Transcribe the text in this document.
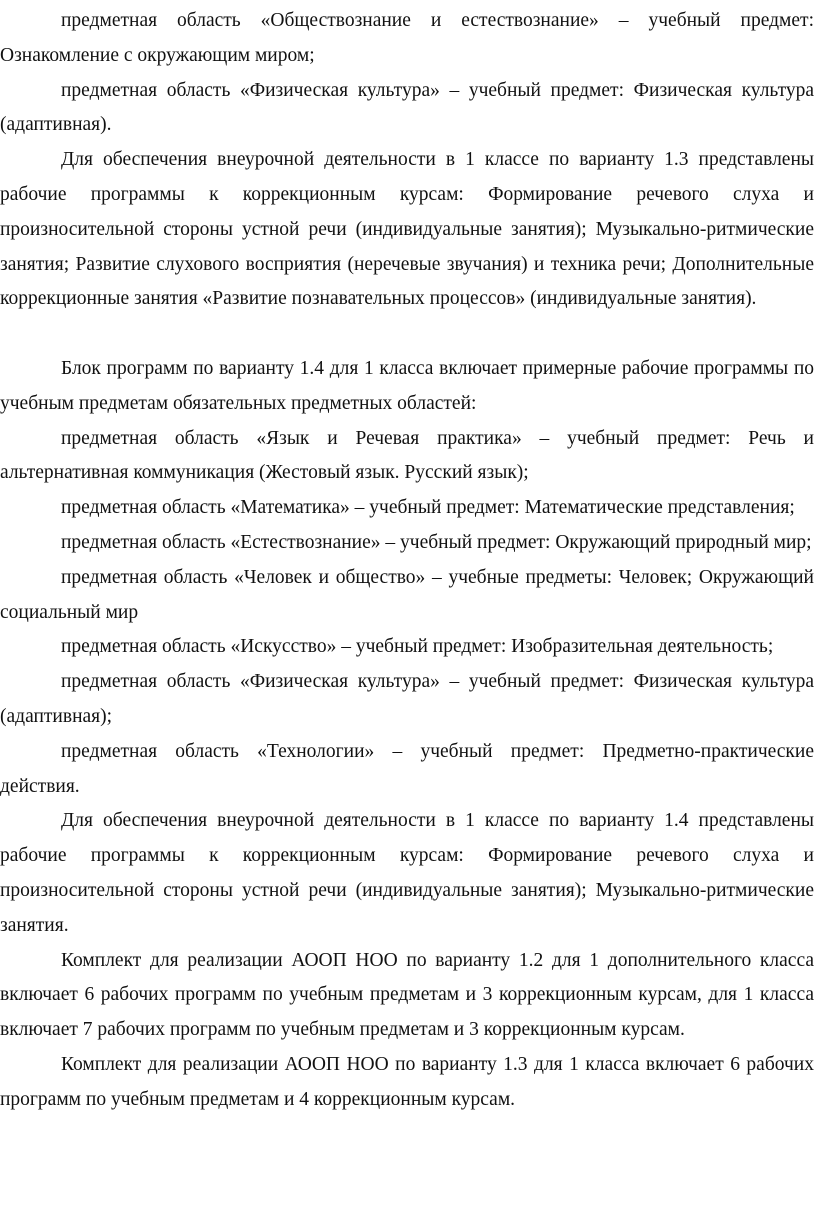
предметная область «Обществознание и естествознание» – учебный предмет: Ознакомление с окружающим миром;

предметная область «Физическая культура» – учебный предмет: Физическая культура (адаптивная).

Для обеспечения внеурочной деятельности в 1 классе по варианту 1.3 представлены рабочие программы к коррекционным курсам: Формирование речевого слуха и произносительной стороны устной речи (индивидуальные занятия); Музыкально-ритмические занятия; Развитие слухового восприятия (неречевые звучания) и техника речи; Дополнительные коррекционные занятия «Развитие познавательных процессов» (индивидуальные занятия).

Блок программ по варианту 1.4 для 1 класса включает примерные рабочие программы по учебным предметам обязательных предметных областей:

предметная область «Язык и Речевая практика» – учебный предмет: Речь и альтернативная коммуникация (Жестовый язык. Русский язык);

предметная область «Математика» – учебный предмет: Математические представления;

предметная область «Естествознание» – учебный предмет: Окружающий природный мир;

предметная область «Человек и общество» – учебные предметы: Человек; Окружающий социальный мир

предметная область «Искусство» – учебный предмет: Изобразительная деятельность;

предметная область «Физическая культура» – учебный предмет: Физическая культура (адаптивная);

предметная область «Технологии» – учебный предмет: Предметно-практические действия.

Для обеспечения внеурочной деятельности в 1 классе по варианту 1.4 представлены рабочие программы к коррекционным курсам: Формирование речевого слуха и произносительной стороны устной речи (индивидуальные занятия); Музыкально-ритмические занятия.

Комплект для реализации АООП НОО по варианту 1.2 для 1 дополнительного класса включает 6 рабочих программ по учебным предметам и 3 коррекционным курсам, для 1 класса включает 7 рабочих программ по учебным предметам и 3 коррекционным курсам.

Комплект для реализации АООП НОО по варианту 1.3 для 1 класса включает 6 рабочих программ по учебным предметам и 4 коррекционным курсам.
